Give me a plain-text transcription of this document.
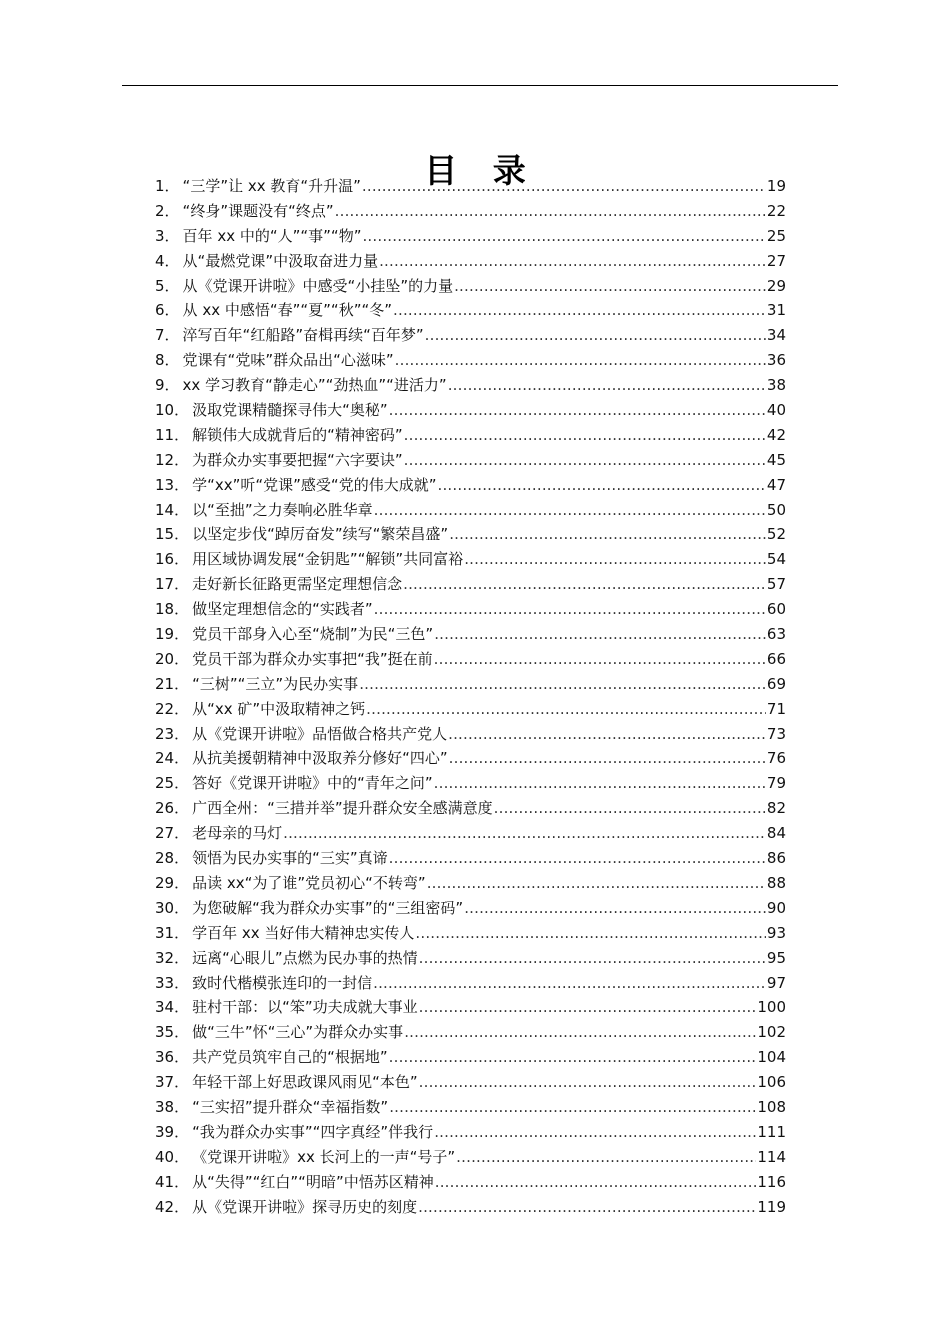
目 录
1． “三学”让 xx 教育“升升温” .....	19
2． “终身”课题没有“终点” .....	22
3． 百年 xx 中的“人”“事”“物” .....	25
4． 从“最燃党课”中汲取奋进力量 .....	27
5． 从《党课开讲啦》中感受“小挂坠”的力量 .....	29
6． 从 xx 中感悟“春”“夏”“秋”“冬” .....	31
7． 淬写百年“红船路”奋楫再续“百年梦” .....	34
8． 党课有“党味”群众品出“心滋味” .....	36
9． xx 学习教育“静走心”“劲热血”“进活力” .....	38
10． 汲取党课精髓探寻伟大“奥秘” .....	40
11． 解锁伟大成就背后的“精神密码” .....	42
12． 为群众办实事要把握“六字要诀” .....	45
13． 学“xx”听“党课”感受“党的伟大成就” .....	47
14． 以“至拙”之力奏响必胜华章 .....	50
15． 以坚定步伐“踔厉奋发”续写“繁荣昌盛” .....	52
16． 用区域协调发展“金钥匙”“解锁”共同富裕 .....	54
17． 走好新长征路更需坚定理想信念 .....	57
18． 做坚定理想信念的“实践者” .....	60
19． 党员干部身入心至“烧制”为民“三色” .....	63
20． 党员干部为群众办实事把“我”挺在前 .....	66
21． “三树”“三立”为民办实事 .....	69
22． 从“xx 矿”中汲取精神之钙 .....	71
23． 从《党课开讲啦》品悟做合格共产党人 .....	73
24． 从抗美援朝精神中汲取养分修好“四心” .....	76
25． 答好《党课开讲啦》中的“青年之问” .....	79
26． 广西全州：“三措并举”提升群众安全感满意度 .....	82
27． 老母亲的马灯 .....	84
28． 领悟为民办实事的“三实”真谛 .....	86
29． 品读 xx“为了谁”党员初心“不转弯” .....	88
30． 为您破解“我为群众办实事”的“三组密码” .....	90
31． 学百年 xx 当好伟大精神忠实传人 .....	93
32． 远离“心眼儿”点燃为民办事的热情 .....	95
33． 致时代楷模张连印的一封信 .....	97
34． 驻村干部：以“笨”功夫成就大事业 .....	100
35． 做“三牛”怀“三心”为群众办实事 .....	102
36． 共产党员筑牢自己的“根据地” .....	104
37． 年轻干部上好思政课风雨见“本色” .....	106
38． “三实招”提升群众“幸福指数” .....	108
39． “我为群众办实事”“四字真经”伴我行 .....	111
40． 《党课开讲啦》xx 长河上的一声“号子” .....	114
41． 从“失得”“红白”“明暗”中悟苏区精神 .....	116
42． 从《党课开讲啦》探寻历史的刻度 .....	119
